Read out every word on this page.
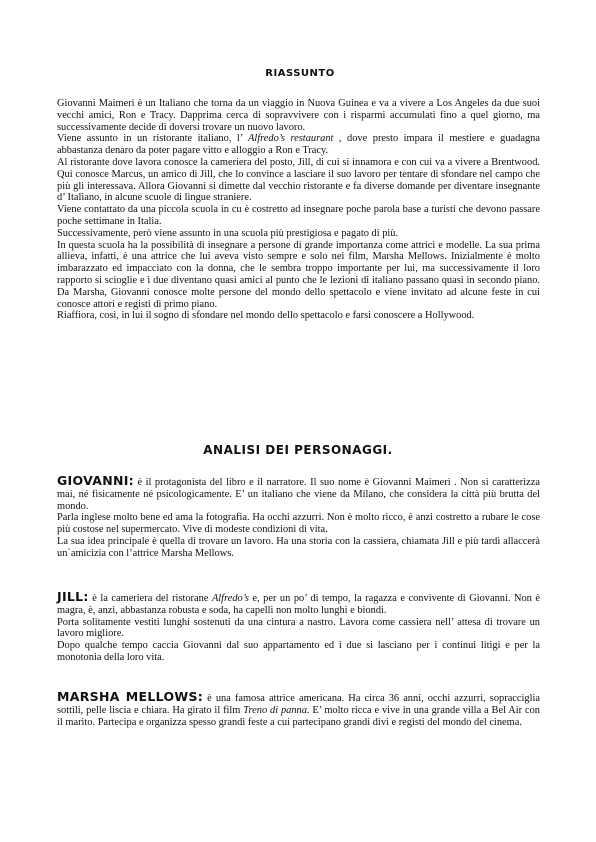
RIASSUNTO

Giovanni Maimeri è un Italiano che torna da un viaggio in Nuova Guinea e va a vivere a Los Angeles da due suoi vecchi amici, Ron e Tracy. Dapprima cerca di sopravvivere con i risparmi accumulati fino a quel giorno, ma successivamente decide di doversi trovare un nuovo lavoro.

Viene assunto in un ristorante italiano, l’ Alfredo’s restaurant , dove presto impara il mestiere e guadagna abbastanza denaro da poter pagare vitto e alloggio a Ron e Tracy.

Al ristorante dove lavora conosce la cameriera del posto, Jill, di cui si innamora e con cui va a vivere a Brentwood. Qui conosce Marcus, un amico di Jill, che lo convince a lasciare il suo lavoro per tentare di sfondare nel campo che più gli interessava. Allora Giovanni si dimette dal vecchio ristorante e fa diverse domande per diventare insegnante d’ Italiano, in alcune scuole di lingue straniere.

Viene contattato da una piccola scuola in cu è costretto ad insegnare poche parola base a turisti che devono passare poche settimane in Italia.

Successivamente, però viene assunto in una scuola più prestigiosa e pagato di più.

In questa scuola ha la possibilità di insegnare a persone di grande importanza come attrici e modelle. La sua prima allieva, infatti, è una attrice che lui aveva visto sempre e solo nei film, Marsha Mellows. Inizialmente è molto imbarazzato ed impacciato con la donna, che le sembra troppo importante per lui, ma successivamente il loro rapporto si scioglie e i due diventano quasi amici al punto che le lezioni di italiano passano quasi in secondo piano. Da Marsha, Giovanni conosce molte persone del mondo dello spettacolo e viene invitato ad alcune feste in cui conosce attori e registi di primo piano.

Riaffiora, così, in lui il sogno di sfondare nel mondo dello spettacolo e farsi conoscere a Hollywood.

ANALISI DEI PERSONAGGI.

GIOVANNI: è il protagonista del libro e il narratore. Il suo nome è Giovanni Maimeri . Non si caratterizza mai, né fisicamente né psicologicamente. E’ un italiano che viene da Milano, che considera la città più brutta del mondo.

Parla inglese molto bene ed ama la fotografia. Ha occhi azzurri. Non è molto ricco, è anzi costretto a rubare le cose più costose nel supermercato. Vive di modeste condizioni di vita.

La sua idea principale è quella di trovare un lavoro. Ha una storia con la cassiera, chiamata Jill e più tardi allaccerà un`amicizia con l’attrice Marsha Mellows.

JILL: è la cameriera del ristorane Alfredo’s e, per un po’ di tempo, la ragazza e convivente di Giovanni. Non è magra, è, anzi, abbastanza robusta e soda, ha capelli non molto lunghi e biondi.

Porta solitamente vestiti lunghi sostenuti da una cintura a nastro. Lavora come cassiera nell’ attesa di trovare un lavoro migliore.

Dopo qualche tempo caccia Giovanni dal suo appartamento ed i due si lasciano per i continui litigi e per la monotonia della loro vita.

MARSHA MELLOWS: è una famosa attrice americana. Ha circa 36 anni, occhi azzurri, sopracciglia sottili, pelle liscia e chiara. Ha girato il film Treno di panna. E’ molto ricca e vive in una grande villa a Bel Air con il marito. Partecipa e organizza spesso grandi feste a cui partecipano grandi divi e registi del mondo del cinema.
